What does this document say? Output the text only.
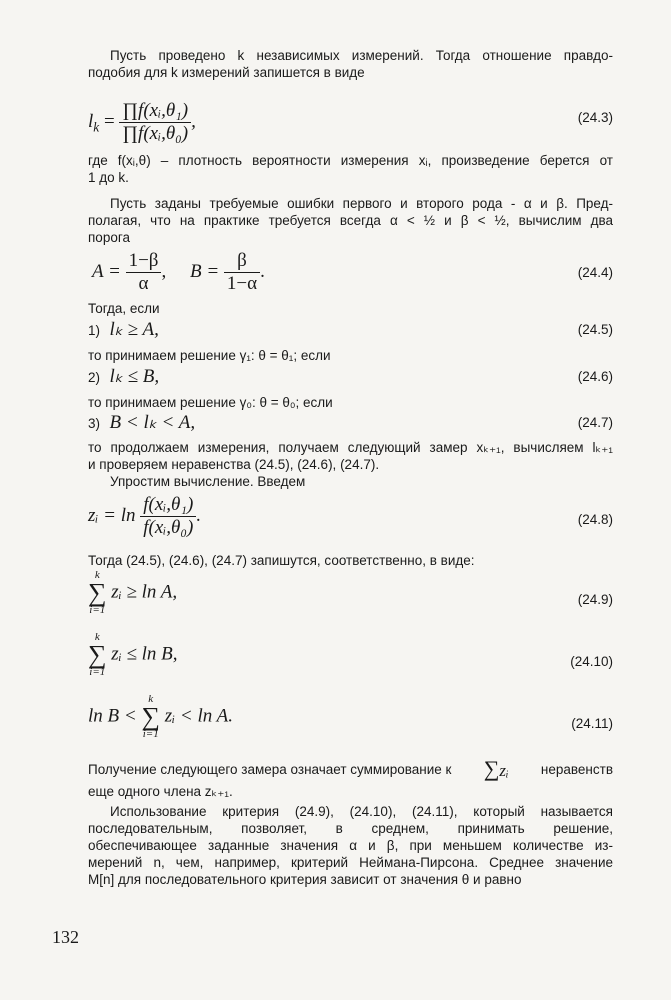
Пусть проведено k независимых измерений. Тогда отношение правдо-
подобия для k измерений запишется в виде
$l_k = \frac{\text{∏f(xᵢ,θ₁)}}{\text{∏f(xᵢ,θ₀)}}$ ,	(24.3)
где f(xᵢ,θ) – плотность вероятности измерения xᵢ, произведение берется от
1 до k.
Пусть заданы требуемые ошибки первого и второго рода - α и β. Пред-
полагая, что на практике требуется всегда α < ½ и β < ½, вычислим два
порога
$A = \frac{1-\beta}{\alpha}$ ,     $B = \frac{\beta}{1-\alpha}$ .	(24.4)
Тогда, если
1) lₖ ≥ A,	(24.5)
то принимаем решение γ₁: θ = θ₁; если
2) lₖ ≤ B,	(24.6)
то принимаем решение γ₀: θ = θ₀; если
3) B < lₖ < A,	(24.7)
то продолжаем измерения, получаем следующий замер xₖ₊₁, вычисляем lₖ₊₁
и проверяем неравенства (24.5), (24.6), (24.7).
Упростим вычисление. Введем
zᵢ = $\ln \frac{\text{f(xᵢ,θ₁)}}{\text{f(xᵢ,θ₀)}}$ .	(24.8)
Тогда (24.5), (24.6), (24.7) запишутся, соответственно, в виде:
k
∑
i=1
zᵢ ≥ ln A,	(24.9)
k
∑
i=1
zᵢ ≤ ln B,	(24.10)
ln B <
k
∑
i=1
zᵢ < ln A.	(24.11)
Получение следующего замера означает суммирование к ∑zᵢ неравенств
еще одного члена zₖ₊₁.
Использование критерия (24.9), (24.10), (24.11), который называется
последовательным, позволяет, в среднем, принимать решение,
обеспечивающее заданные значения α и β, при меньшем количестве из-
мерений n, чем, например, критерий Неймана-Пирсона. Среднее значение
M[n] для последовательного критерия зависит от значения θ и равно
132
